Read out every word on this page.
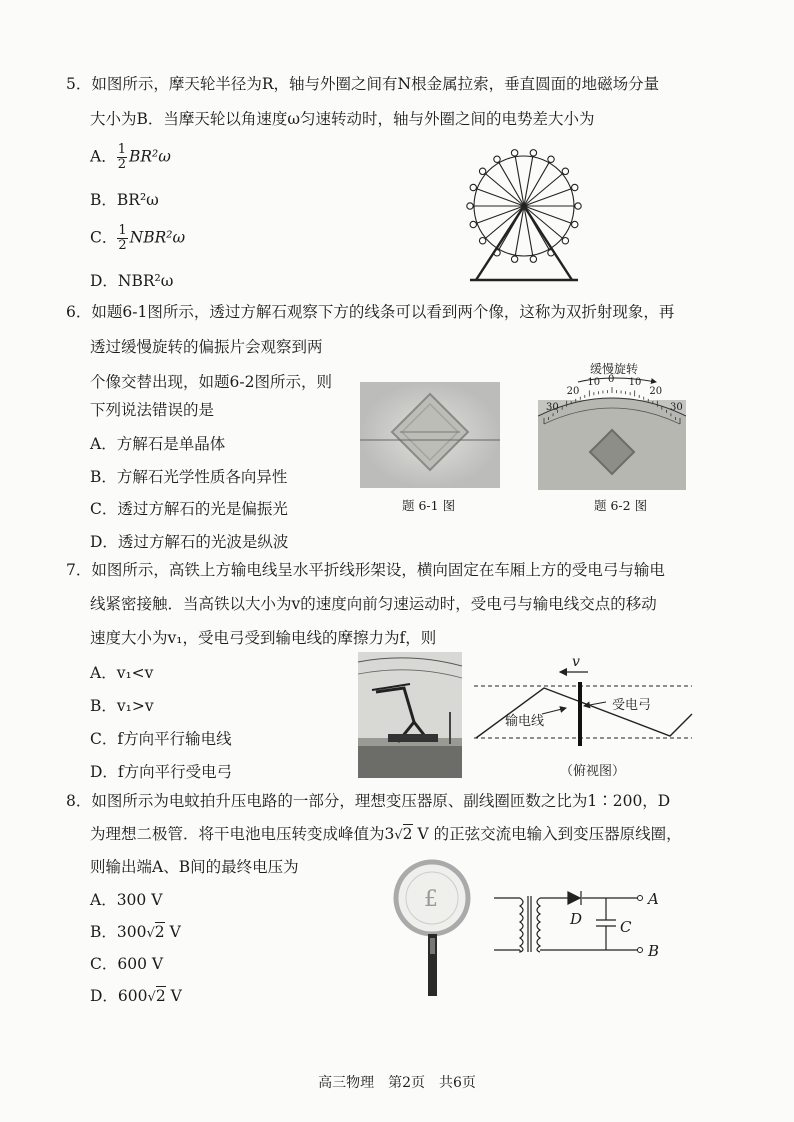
5．如图所示，摩天轮半径为R，轴与外圈之间有N根金属拉索，垂直圆面的地磁场分量
大小为B．当摩天轮以角速度ω匀速转动时，轴与外圈之间的电势差大小为
A． $\frac{1}{2} BR^2\omega$
B．BR²ω
C． $\frac{1}{2} NBR^2\omega$
D．NBR²ω
6．如题6-1图所示，透过方解石观察下方的线条可以看到两个像，这称为双折射现象，再
透过缓慢旋转的偏振片会观察到两
个像交替出现，如题6-2图所示，则
下列说法错误的是
A．方解石是单晶体
B．方解石光学性质各向异性
C．透过方解石的光是偏振光
D．透过方解石的光波是纵波
题 6-1 图
缓慢旋转
30
20
10 0 10
20
30
题 6-2 图
7．如图所示，高铁上方输电线呈水平折线形架设，横向固定在车厢上方的受电弓与输电
线紧密接触．当高铁以大小为v的速度向前匀速运动时，受电弓与输电线交点的移动
速度大小为v₁，受电弓受到输电线的摩擦力为f，则
A．v₁<v
B．v₁>v
C．f方向平行输电线
D．f方向平行受电弓
v
输电线
受电弓
（俯视图）
8．如图所示为电蚊拍升压电路的一部分，理想变压器原、副线圈匝数之比为1∶200，D
为理想二极管．将干电池电压转变成峰值为3√2 V 的正弦交流电输入到变压器原线圈，
则输出端A、B间的最终电压为
A．300 V
B．300√2 V
C．600 V
D．600√2 V
£
D	C
A
B
高三物理　第2页　共6页
